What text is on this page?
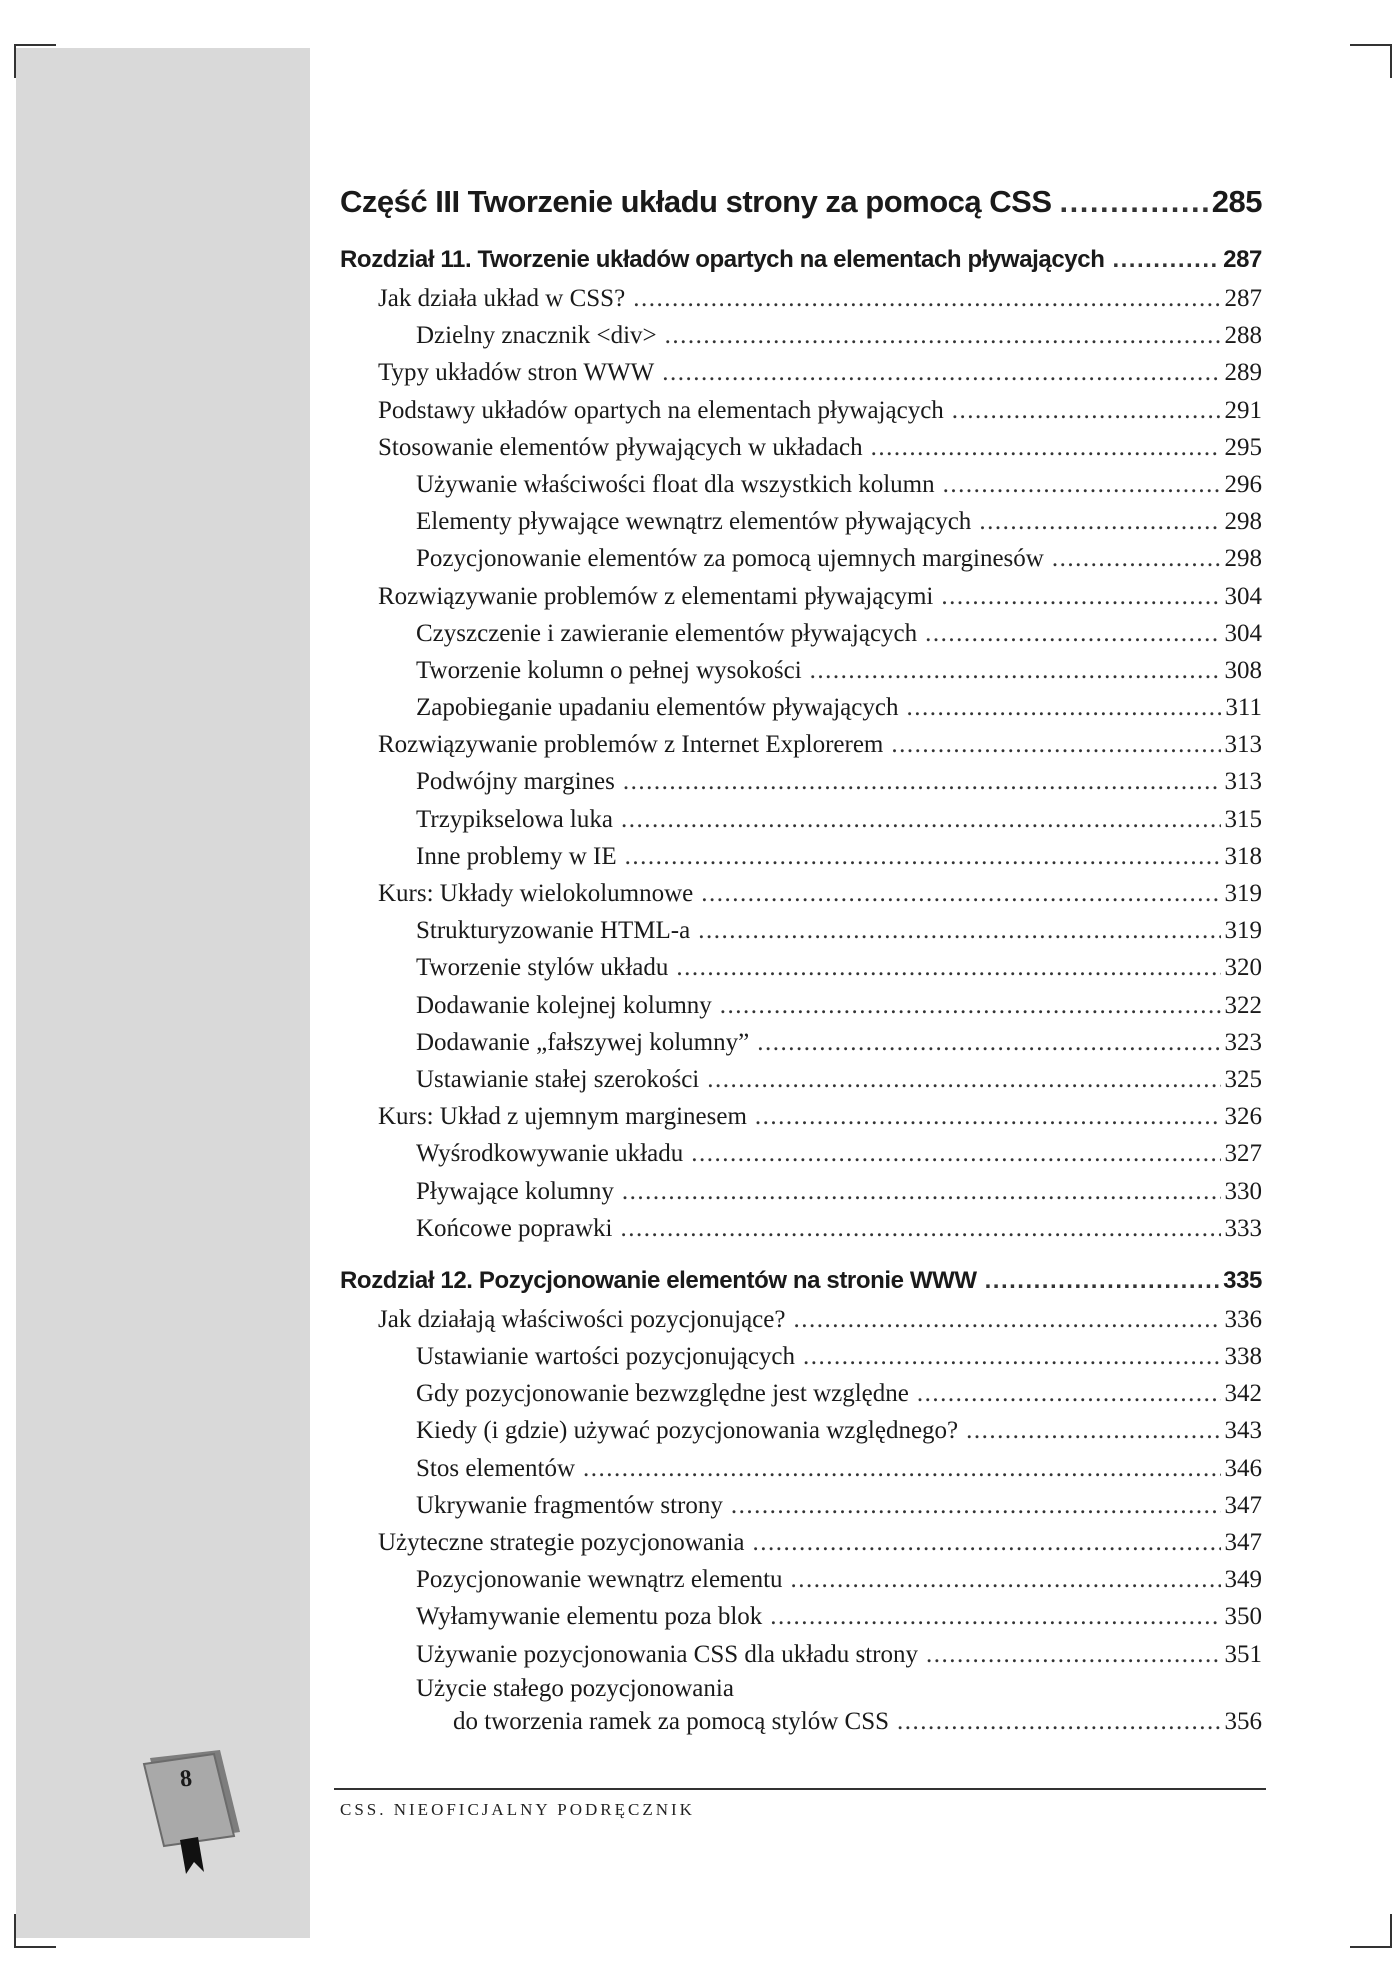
Część III Tworzenie układu strony za pomocą CSS .....	285
Rozdział 11. Tworzenie układów opartych na elementach pływających .....	287
Jak działa układ w CSS? .....	287
Dzielny znacznik <div> .....	288
Typy układów stron WWW .....	289
Podstawy układów opartych na elementach pływających .....	291
Stosowanie elementów pływających w układach .....	295
Używanie właściwości float dla wszystkich kolumn .....	296
Elementy pływające wewnątrz elementów pływających .....	298
Pozycjonowanie elementów za pomocą ujemnych marginesów .....	298
Rozwiązywanie problemów z elementami pływającymi .....	304
Czyszczenie i zawieranie elementów pływających .....	304
Tworzenie kolumn o pełnej wysokości .....	308
Zapobieganie upadaniu elementów pływających .....	311
Rozwiązywanie problemów z Internet Explorerem .....	313
Podwójny margines .....	313
Trzypikselowa luka .....	315
Inne problemy w IE .....	318
Kurs: Układy wielokolumnowe .....	319
Strukturyzowanie HTML-a .....	319
Tworzenie stylów układu .....	320
Dodawanie kolejnej kolumny .....	322
Dodawanie „fałszywej kolumny” .....	323
Ustawianie stałej szerokości .....	325
Kurs: Układ z ujemnym marginesem .....	326
Wyśrodkowywanie układu .....	327
Pływające kolumny .....	330
Końcowe poprawki .....	333
Rozdział 12. Pozycjonowanie elementów na stronie WWW .....	335
Jak działają właściwości pozycjonujące? .....	336
Ustawianie wartości pozycjonujących .....	338
Gdy pozycjonowanie bezwzględne jest względne .....	342
Kiedy (i gdzie) używać pozycjonowania względnego? .....	343
Stos elementów .....	346
Ukrywanie fragmentów strony .....	347
Użyteczne strategie pozycjonowania .....	347
Pozycjonowanie wewnątrz elementu .....	349
Wyłamywanie elementu poza blok .....	350
Używanie pozycjonowania CSS dla układu strony .....	351
Użycie stałego pozycjonowania
do tworzenia ramek za pomocą stylów CSS .....	356
CSS. NIEOFICJALNY PODRĘCZNIK
8
